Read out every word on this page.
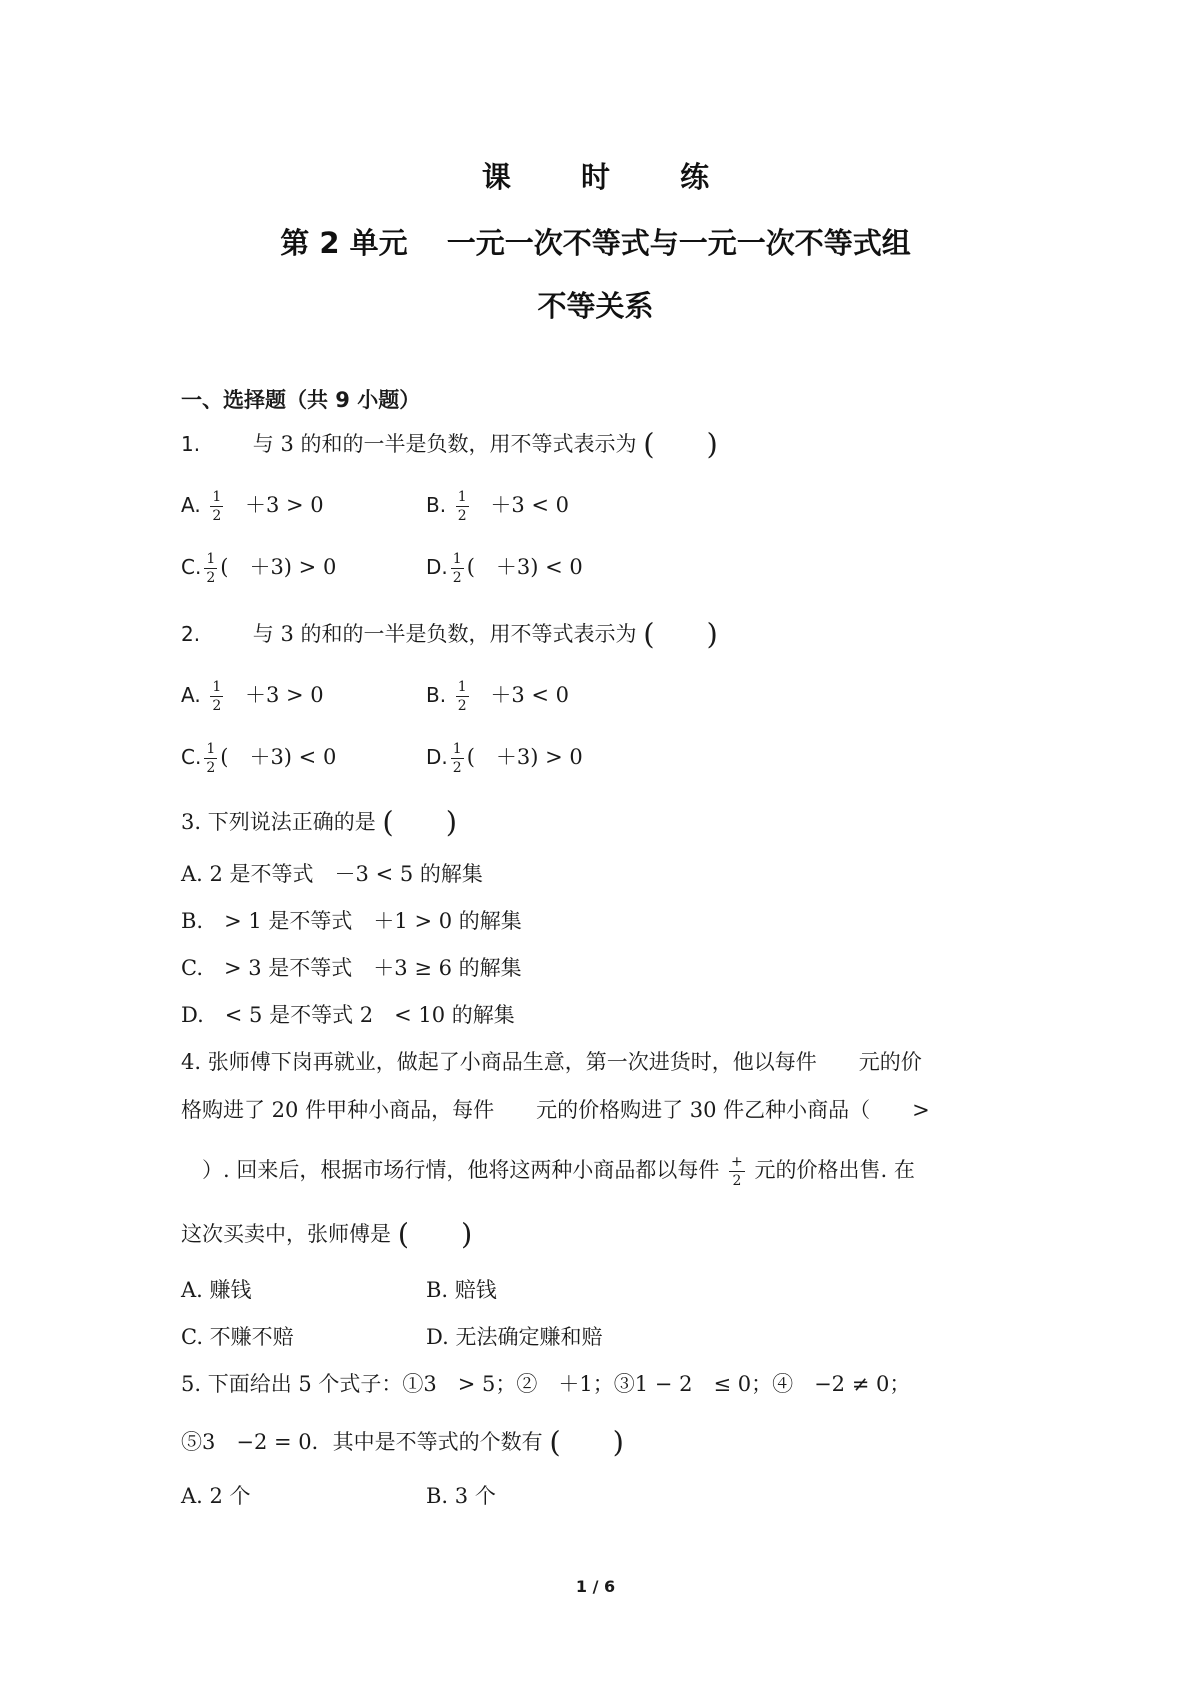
课 时 练
第 2 单元　 一元一次不等式与一元一次不等式组
不等关系
一、选择题（共 9 小题）
1.	与 3 的和的一半是负数，用不等式表示为 ( )
A. $\frac{1}{2} +3 > 0$	B. $\frac{1}{2} +3 < 0$
C. $\frac{1}{2}$ (　＋3) > 0	D. $\frac{1}{2}$ (　＋3) < 0
2.	与 3 的和的一半是负数，用不等式表示为 ( )
A. $\frac{1}{2} +3 > 0$	B. $\frac{1}{2} +3 < 0$
C. $\frac{1}{2}$ (　＋3) < 0	D. $\frac{1}{2}$ (　＋3) > 0
3. 下列说法正确的是 ( )
A. 2 是不等式　－3 < 5 的解集
B.　> 1 是不等式　＋1 > 0 的解集
C.　> 3 是不等式　＋3 ≥ 6 的解集
D.　< 5 是不等式 2　< 10 的解集
4. 张师傅下岗再就业，做起了小商品生意，第一次进货时，他以每件　　元的价
格购进了 20 件甲种小商品，每件　　元的价格购进了 30 件乙种小商品（　　>
　）. 回来后，根据市场行情，他将这两种小商品都以每件 $\frac{+}{2}$ 元的价格出售. 在
这次买卖中，张师傅是 ( )
A. 赚钱	B. 赔钱
C. 不赚不赔	D. 无法确定赚和赔
5. 下面给出 5 个式子：①3　> 5；②　＋1；③1 − 2　≤ 0；④　−2 ≠ 0；
⑤3　−2 = 0．其中是不等式的个数有 ( )
A. 2 个	B. 3 个
1 / 6
